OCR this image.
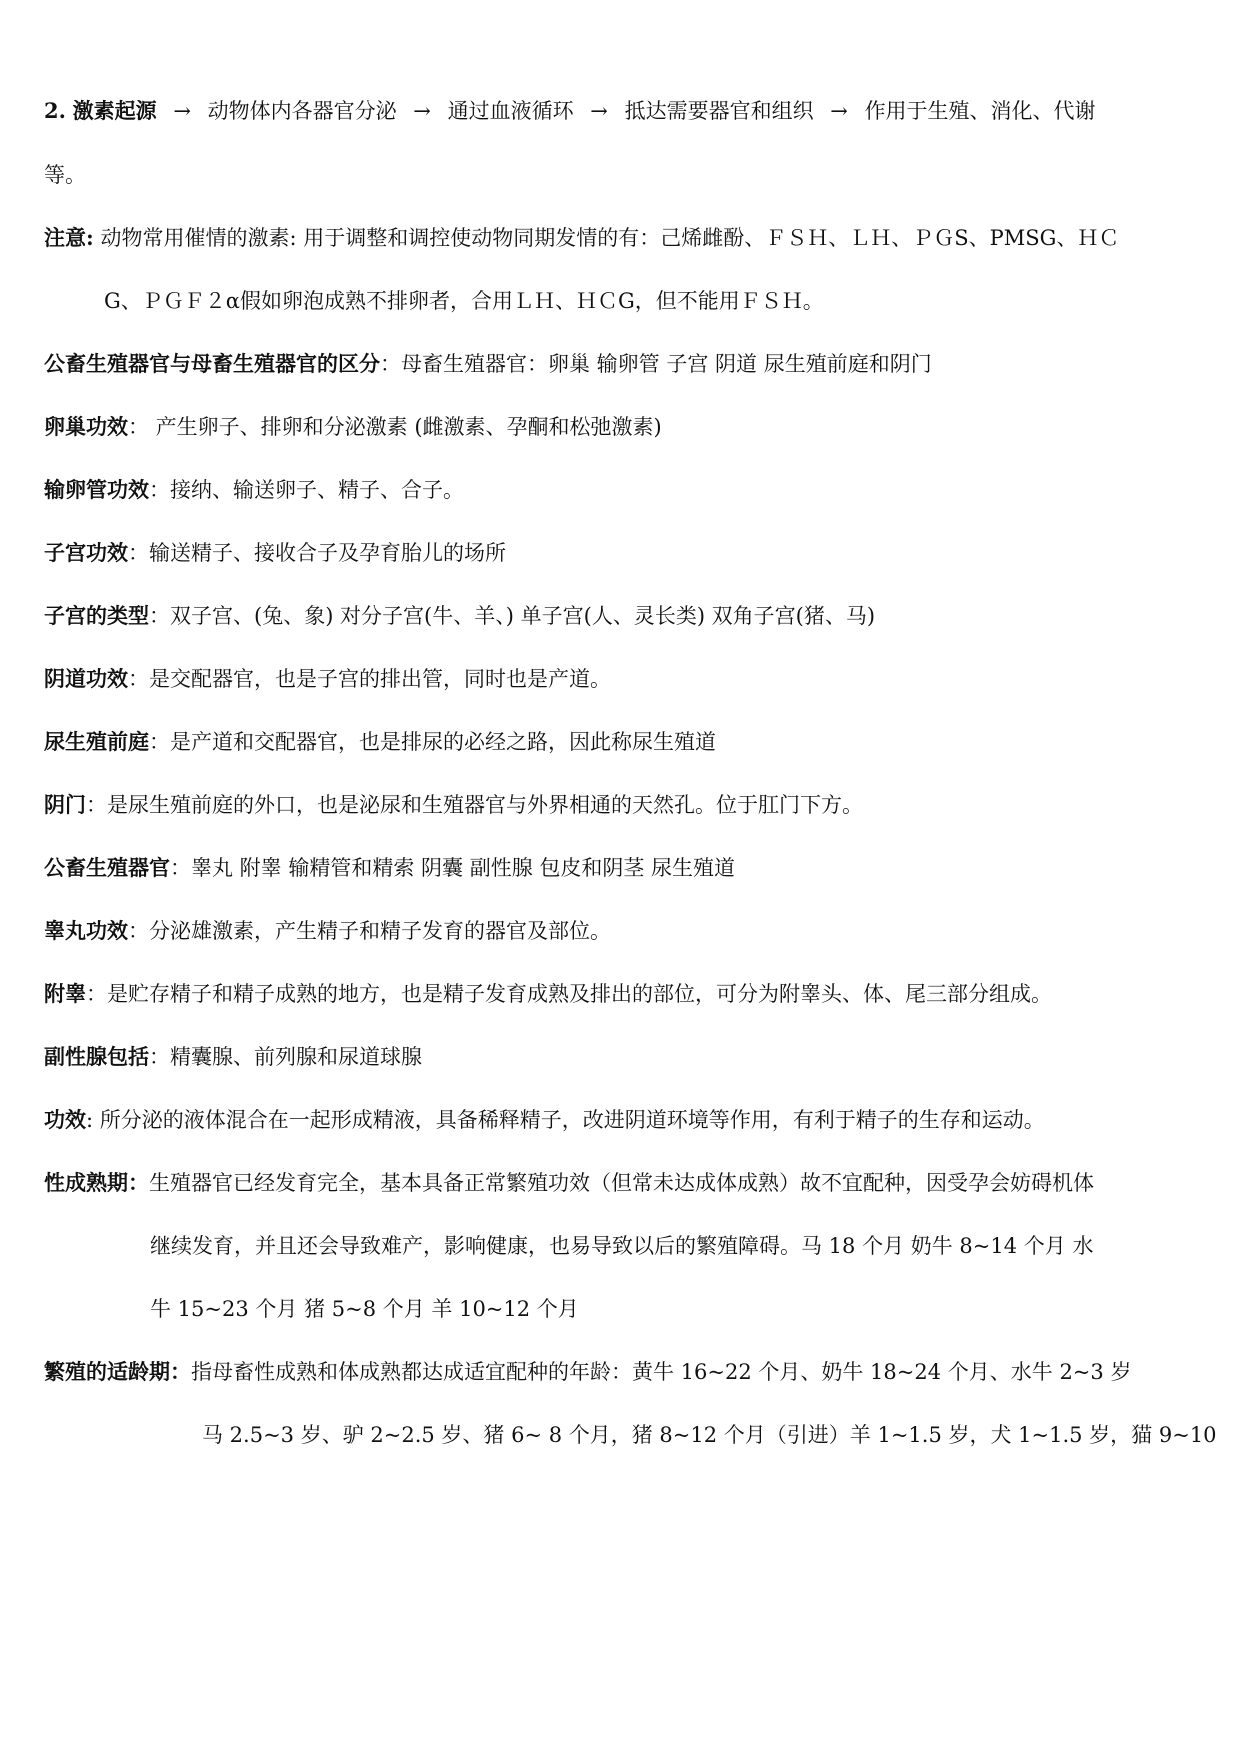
2. 激素起源 → 动物体内各器官分泌 → 通过血液循环 → 抵达需要器官和组织 → 作用于生殖、消化、代谢
等。
注意: 动物常用催情的激素: 用于调整和调控使动物同期发情的有：己烯雌酚、ＦＳＨ、ＬＨ、ＰＧS、PMSG、ＨＣ
G、ＰＧＦ２α假如卵泡成熟不排卵者，合用ＬＨ、ＨＣG，但不能用ＦＳＨ。
公畜生殖器官与母畜生殖器官的区分：母畜生殖器官：卵巢 输卵管 子宫 阴道 尿生殖前庭和阴门
卵巢功效： 产生卵子、排卵和分泌激素 (雌激素、孕酮和松弛激素)
输卵管功效：接纳、输送卵子、精子、合子。
子宫功效：输送精子、接收合子及孕育胎儿的场所
子宫的类型：双子宫、(兔、象) 对分子宫(牛、羊、) 单子宫(人、灵长类) 双角子宫(猪、马)
阴道功效：是交配器官，也是子宫的排出管，同时也是产道。
尿生殖前庭：是产道和交配器官，也是排尿的必经之路，因此称尿生殖道
阴门：是尿生殖前庭的外口，也是泌尿和生殖器官与外界相通的天然孔。位于肛门下方。
公畜生殖器官：睾丸 附睾 输精管和精索 阴囊 副性腺 包皮和阴茎 尿生殖道
睾丸功效：分泌雄激素，产生精子和精子发育的器官及部位。
附睾：是贮存精子和精子成熟的地方，也是精子发育成熟及排出的部位，可分为附睾头、体、尾三部分组成。
副性腺包括：精囊腺、前列腺和尿道球腺
功效: 所分泌的液体混合在一起形成精液，具备稀释精子，改进阴道环境等作用，有利于精子的生存和运动。
性成熟期：生殖器官已经发育完全，基本具备正常繁殖功效（但常未达成体成熟）故不宜配种，因受孕会妨碍机体
继续发育，并且还会导致难产，影响健康，也易导致以后的繁殖障碍。马 18 个月 奶牛 8~14 个月 水
牛 15~23 个月 猪 5~8 个月 羊 10~12 个月
繁殖的适龄期：指母畜性成熟和体成熟都达成适宜配种的年龄：黄牛 16~22 个月、奶牛 18~24 个月、水牛 2~3 岁
马 2.5~3 岁、驴 2~2.5 岁、猪 6~ 8 个月，猪 8~12 个月（引进）羊 1~1.5 岁，犬 1~1.5 岁，猫 9~10
